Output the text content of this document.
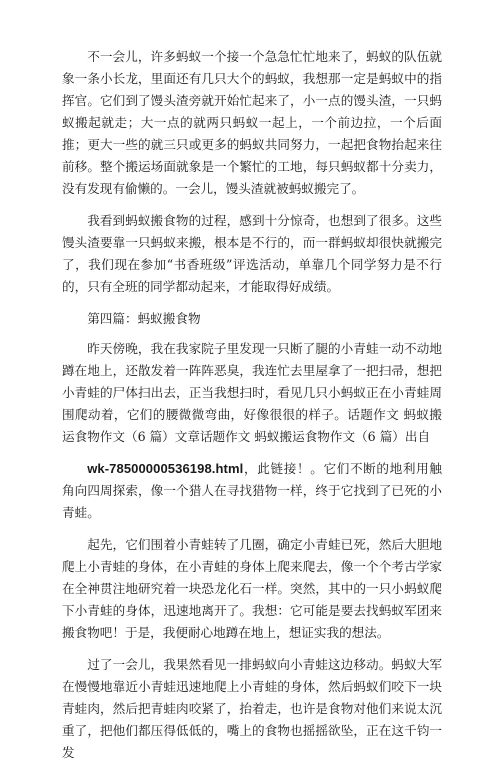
不一会儿，许多蚂蚁一个接一个急急忙忙地来了，蚂蚁的队伍就象一条小长龙，里面还有几只大个的蚂蚁，我想那一定是蚂蚁中的指挥官。它们到了馒头渣旁就开始忙起来了，小一点的馒头渣，一只蚂蚁搬起就走；大一点的就两只蚂蚁一起上，一个前边拉，一个后面推；更大一些的就三只或更多的蚂蚁共同努力，一起把食物抬起来往前移。整个搬运场面就象是一个繁忙的工地，每只蚂蚁都十分卖力，没有发现有偷懒的。一会儿，馒头渣就被蚂蚁搬完了。

我看到蚂蚁搬食物的过程，感到十分惊奇，也想到了很多。这些馒头渣要靠一只蚂蚁来搬，根本是不行的，而一群蚂蚁却很快就搬完了，我们现在参加“书香班级”评选活动，单靠几个同学努力是不行的，只有全班的同学都动起来，才能取得好成绩。

第四篇：蚂蚁搬食物

昨天傍晚，我在我家院子里发现一只断了腿的小青蛙一动不动地蹲在地上，还散发着一阵阵恶臭，我连忙去里屋拿了一把扫帚，想把小青蛙的尸体扫出去，正当我想扫时，看见几只小蚂蚁正在小青蛙周围爬动着，它们的腰微微弯曲，好像很很的样子。话题作文 蚂蚁搬运食物作文（6 篇）文章话题作文 蚂蚁搬运食物作文（6 篇）出自

wk-78500000536198.html，此链接！。它们不断的地利用触角向四周探索，像一个猎人在寻找猎物一样，终于它找到了已死的小青蛙。

起先，它们围着小青蛙转了几圈，确定小青蛙已死，然后大胆地爬上小青蛙的身体，在小青蛙的身体上爬来爬去，像一个个考古学家在全神贯注地研究着一块恐龙化石一样。突然，其中的一只小蚂蚁爬下小青蛙的身体，迅速地离开了。我想：它可能是要去找蚂蚁军团来搬食物吧！于是，我便耐心地蹲在地上，想证实我的想法。

过了一会儿，我果然看见一排蚂蚁向小青蛙这边移动。蚂蚁大军在慢慢地靠近小青蛙迅速地爬上小青蛙的身体，然后蚂蚁们咬下一块青蛙肉，然后把青蛙肉咬紧了，抬着走，也许是食物对他们来说太沉重了，把他们都压得低低的，嘴上的食物也摇摇欲坠，正在这千钧一发
